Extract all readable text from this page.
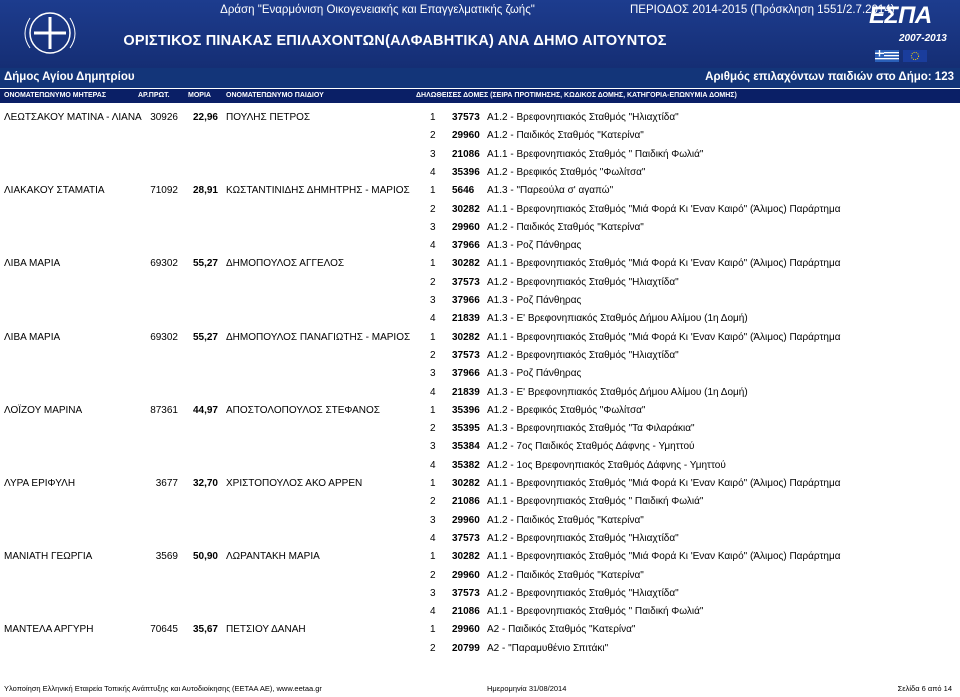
Δράση "Εναρμόνιση Οικογενειακής και Επαγγελματικής ζωής"	ΠΕΡΙΟΔΟΣ 2014-2015 (Πρόσκληση 1551/2.7.2014)
ΟΡΙΣΤΙΚΟΣ ΠΙΝΑΚΑΣ ΕΠΙΛΑΧΟΝΤΩΝ(ΑΛΦΑΒΗΤΙΚΑ) ΑΝΑ ΔΗΜΟ ΑΙΤΟΥΝΤΟΣ
ΕΣΠΑ
2007-2013
Δήμος Αγίου Δημητρίου	Αριθμός επιλαχόντων παιδιών στο Δήμο: 123
ΟΝΟΜΑΤΕΠΩΝΥΜΟ ΜΗΤΕΡΑΣ	ΑΡ.ΠΡΩΤ.	ΜΟΡΙΑ ΟΝΟΜΑΤΕΠΩΝΥΜΟ ΠΑΙΔΙΟΥ	ΔΗΛΩΘΕΙΣΕΣ ΔΟΜΕΣ (ΣΕΙΡΑ ΠΡΟΤΙΜΗΣΗΣ, ΚΩΔΙΚΟΣ ΔΟΜΗΣ, ΚΑΤΗΓΟΡΙΑ-ΕΠΩΝΥΜΙΑ ΔΟΜΗΣ)
ΛΕΩΤΣΑΚΟΥ ΜΑΤΙΝΑ - ΛΙΑΝΑ 30926	22,96 ΠΟΥΛΗΣ ΠΕΤΡΟΣ	1 37573 Α1.2 - Βρεφονηπιακός Σταθμός "Ηλιαχτίδα"
2 29960 Α1.2 - Παιδικός Σταθμός "Κατερίνα"
3 21086 Α1.1 - Βρεφονηπιακός Σταθμός " Παιδική Φωλιά"
4 35396 Α1.2 - Βρεφικός Σταθμός "Φωλίτσα"
ΛΙΑΚΑΚΟΥ ΣΤΑΜΑΤΙΑ	71092	28,91 ΚΩΣΤΑΝΤΙΝΙΔΗΣ ΔΗΜΗΤΡΗΣ - ΜΑΡΙΟΣ 1 5646 Α1.3 - "Παρεούλα σ' αγαπώ"
2 30282 Α1.1 - Βρεφονηπιακός Σταθμός "Μιά Φορά Κι 'Εναν Καιρό" (Άλιμος) Παράρτημα
3 29960 Α1.2 - Παιδικός Σταθμός "Κατερίνα"
4 37966 Α1.3 - Ροζ Πάνθηρας
ΛΙΒΑ ΜΑΡΙΑ	69302	55,27 ΔΗΜΟΠΟΥΛΟΣ ΑΓΓΕΛΟΣ	1 30282 Α1.1 - Βρεφονηπιακός Σταθμός "Μιά Φορά Κι 'Εναν Καιρό" (Άλιμος) Παράρτημα
2 37573 Α1.2 - Βρεφονηπιακός Σταθμός "Ηλιαχτίδα"
3 37966 Α1.3 - Ροζ Πάνθηρας
4 21839 Α1.3 - Ε' Βρεφονηπιακός Σταθμός Δήμου Αλίμου (1η Δομή)
ΛΙΒΑ ΜΑΡΙΑ	69302	55,27 ΔΗΜΟΠΟΥΛΟΣ ΠΑΝΑΓΙΩΤΗΣ - ΜΑΡΙΟΣ 1 30282 Α1.1 - Βρεφονηπιακός Σταθμός "Μιά Φορά Κι 'Εναν Καιρό" (Άλιμος) Παράρτημα
2 37573 Α1.2 - Βρεφονηπιακός Σταθμός "Ηλιαχτίδα"
3 37966 Α1.3 - Ροζ Πάνθηρας
4 21839 Α1.3 - Ε' Βρεφονηπιακός Σταθμός Δήμου Αλίμου (1η Δομή)
ΛΟΪΖΟΥ ΜΑΡΙΝΑ	87361	44,97 ΑΠΟΣΤΟΛΟΠΟΥΛΟΣ ΣΤΕΦΑΝΟΣ	1 35396 Α1.2 - Βρεφικός Σταθμός "Φωλίτσα"
2 35395 Α1.3 - Βρεφονηπιακός Σταθμός "Τα Φιλαράκια"
3 35384 Α1.2 - 7ος Παιδικός Σταθμός Δάφνης - Υμηττού
4 35382 Α1.2 - 1ος Βρεφονηπιακός Σταθμός Δάφνης - Υμηττού
ΛΥΡΑ ΕΡΙΦΥΛΗ	3677	32,70 ΧΡΙΣΤΟΠΟΥΛΟΣ ΑΚΟ ΑΡΡΕΝ	1 30282 Α1.1 - Βρεφονηπιακός Σταθμός "Μιά Φορά Κι 'Εναν Καιρό" (Άλιμος) Παράρτημα
2 21086 Α1.1 - Βρεφονηπιακός Σταθμός " Παιδική Φωλιά"
3 29960 Α1.2 - Παιδικός Σταθμός "Κατερίνα"
4 37573 Α1.2 - Βρεφονηπιακός Σταθμός "Ηλιαχτίδα"
ΜΑΝΙΑΤΗ ΓΕΩΡΓΙΑ	3569	50,90 ΛΩΡΑΝΤΑΚΗ ΜΑΡΙΑ	1 30282 Α1.1 - Βρεφονηπιακός Σταθμός "Μιά Φορά Κι 'Εναν Καιρό" (Άλιμος) Παράρτημα
2 29960 Α1.2 - Παιδικός Σταθμός "Κατερίνα"
3 37573 Α1.2 - Βρεφονηπιακός Σταθμός "Ηλιαχτίδα"
4 21086 Α1.1 - Βρεφονηπιακός Σταθμός " Παιδική Φωλιά"
ΜΑΝΤΕΛΑ ΑΡΓΥΡΗ	70645	35,67 ΠΕΤΣΙΟΥ ΔΑΝΑΗ	1 29960 Α2 - Παιδικός Σταθμός "Κατερίνα"
2 20799 Α2 - "Παραμυθένιο Σπιτάκι"
Υλοποίηση Ελληνική Εταιρεία Τοπικής Ανάπτυξης και Αυτοδιοίκησης (ΕΕΤΑΑ ΑΕ), www.eetaa.gr	Ημερομηνία 31/08/2014	Σελίδα 6 από 14
